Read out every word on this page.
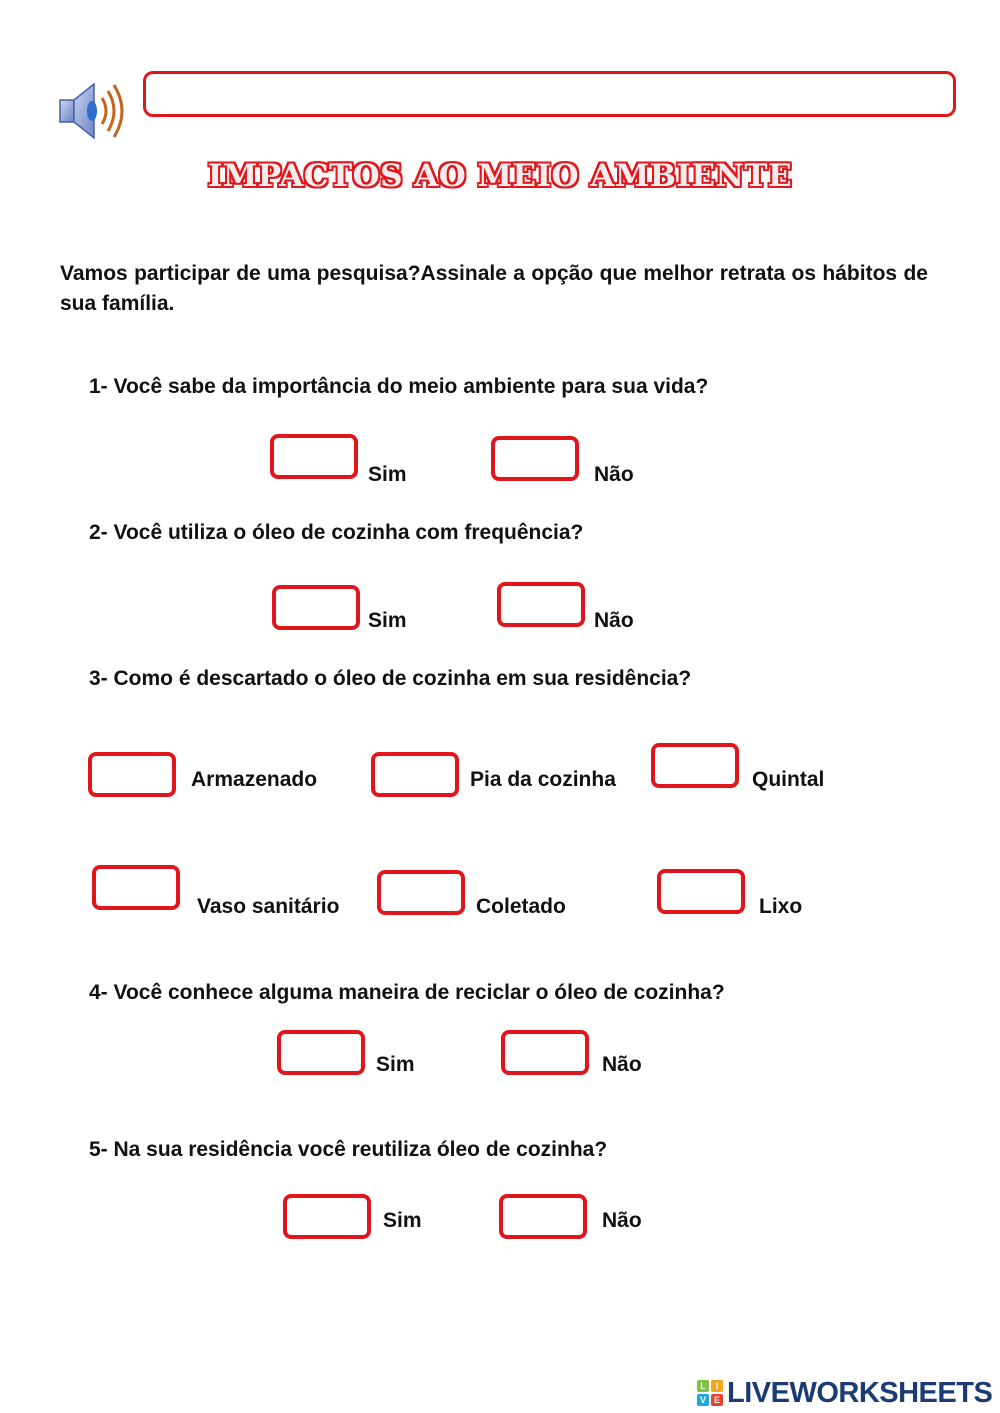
IMPACTOS AO MEIO AMBIENTE
Vamos participar de uma pesquisa?Assinale a opção que melhor retrata os hábitos de sua família.
1- Você sabe da importância do meio ambiente para sua vida?
Sim	Não
2- Você utiliza o óleo de cozinha com frequência?
Sim	Não
3- Como é descartado o óleo de cozinha em sua residência?
Armazenado	Pia da cozinha	Quintal
Vaso sanitário	Coletado	Lixo
4- Você conhece alguma maneira de reciclar o óleo de cozinha?
Sim	Não
5- Na sua residência você reutiliza óleo de cozinha?
Sim	Não
L	I
V E LIVEWORKSHEETS
